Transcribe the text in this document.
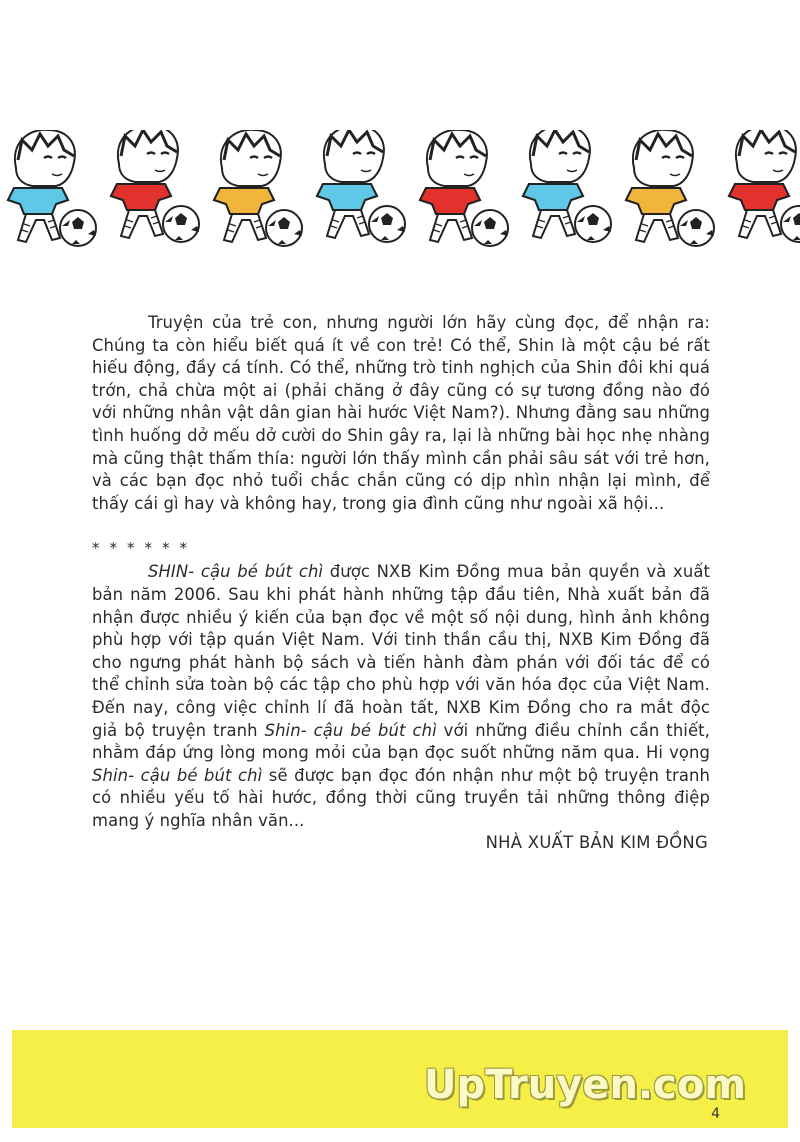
Truyện của trẻ con, nhưng người lớn hãy cùng đọc, để nhận ra: Chúng ta còn hiểu biết quá ít về con trẻ! Có thể, Shin là một cậu bé rất hiếu động, đầy cá tính. Có thể, những trò tinh nghịch của Shin đôi khi quá trớn, chả chừa một ai (phải chăng ở đây cũng có sự tương đồng nào đó với những nhân vật dân gian hài hước Việt Nam?). Nhưng đằng sau những tình huống dở mếu dở cười do Shin gây ra, lại là những bài học nhẹ nhàng mà cũng thật thấm thía: người lớn thấy mình cần phải sâu sát với trẻ hơn, và các bạn đọc nhỏ tuổi chắc chắn cũng có dịp nhìn nhận lại mình, để thấy cái gì hay và không hay, trong gia đình cũng như ngoài xã hội...

******

SHIN- cậu bé bút chì được NXB Kim Đồng mua bản quyền và xuất bản năm 2006. Sau khi phát hành những tập đầu tiên, Nhà xuất bản đã nhận được nhiều ý kiến của bạn đọc về một số nội dung, hình ảnh không phù hợp với tập quán Việt Nam. Với tinh thần cầu thị, NXB Kim Đồng đã cho ngưng phát hành bộ sách và tiến hành đàm phán với đối tác để có thể chỉnh sửa toàn bộ các tập cho phù hợp với văn hóa đọc của Việt Nam. Đến nay, công việc chỉnh lí đã hoàn tất, NXB Kim Đồng cho ra mắt độc giả bộ truyện tranh Shin- cậu bé bút chì với những điều chỉnh cần thiết, nhằm đáp ứng lòng mong mỏi của bạn đọc suốt những năm qua. Hi vọng Shin- cậu bé bút chì sẽ được bạn đọc đón nhận như một bộ truyện tranh có nhiều yếu tố hài hước, đồng thời cũng truyền tải những thông điệp mang ý nghĩa nhân văn...

NHÀ XUẤT BẢN KIM ĐỒNG

UpTruyen.com
4
